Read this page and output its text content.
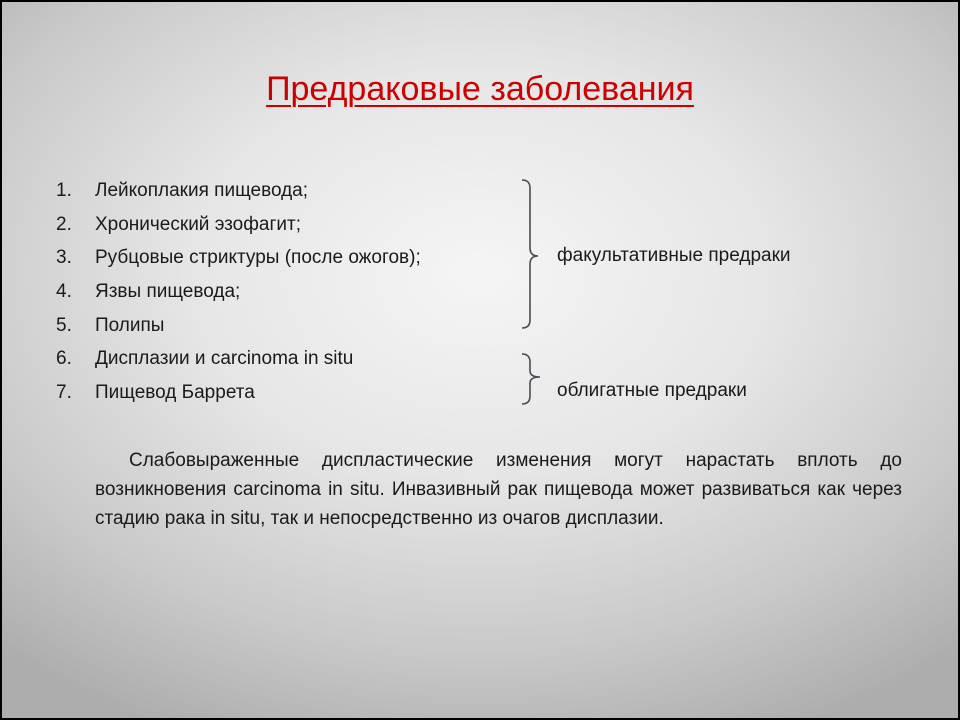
Предраковые заболевания
1. Лейкоплакия пищевода;
2. Хронический эзофагит;
3. Рубцовые стриктуры (после ожогов);
4. Язвы пищевода;
5. Полипы
6. Дисплазии и carcinoma in situ
7. Пищевод Баррета
факультативные предраки
облигатные предраки

Слабовыраженные диспластические изменения могут нарастать вплоть до возникновения carcinoma in situ. Инвазивный рак пищевода может развиваться как через стадию рака in situ, так и непосредственно из очагов дисплазии.
